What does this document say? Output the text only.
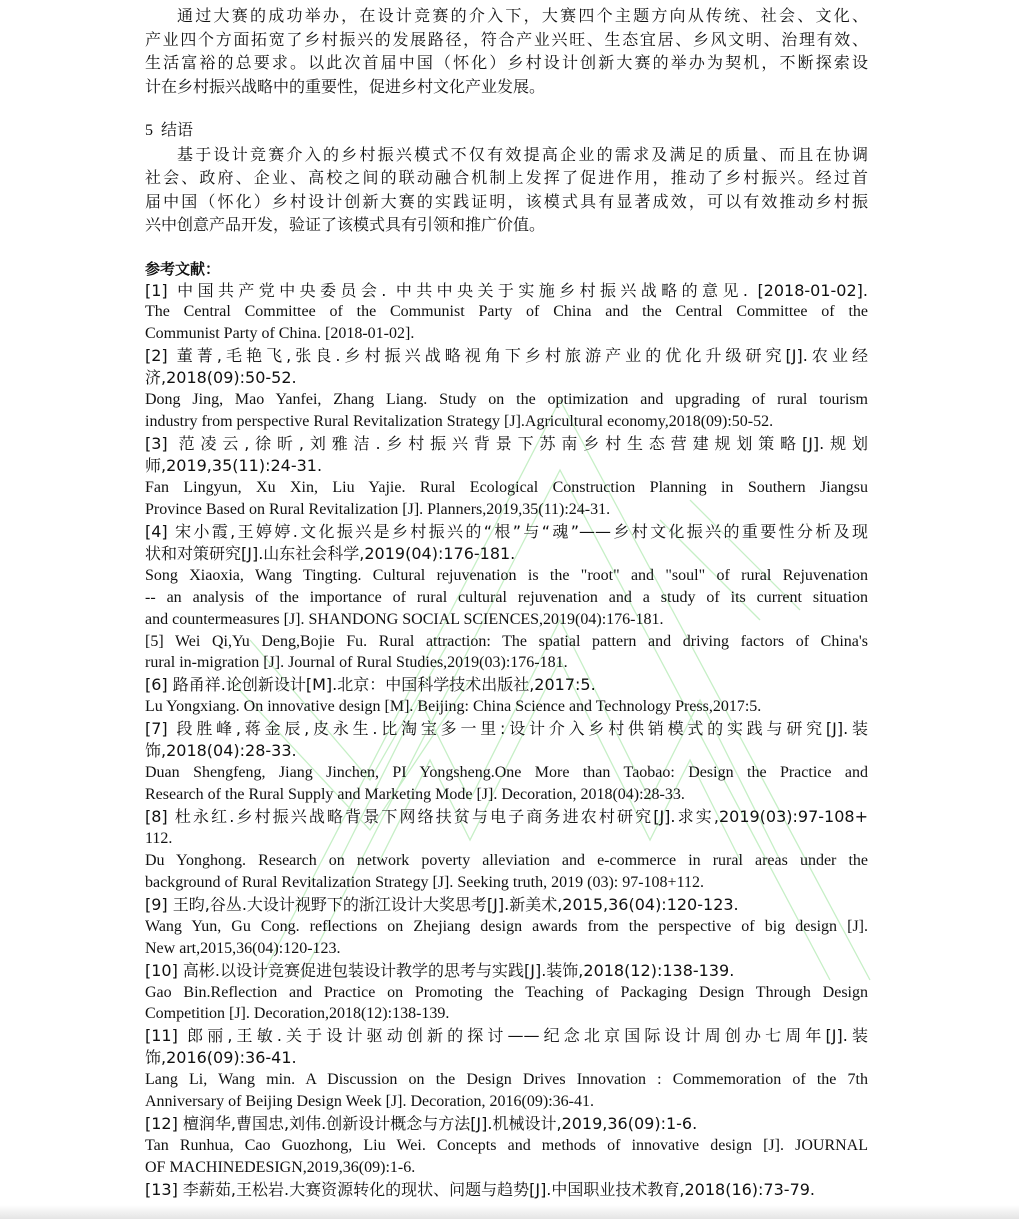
通过大赛的成功举办，在设计竞赛的介入下，大赛四个主题方向从传统、社会、文化、
产业四个方面拓宽了乡村振兴的发展路径，符合产业兴旺、生态宜居、乡风文明、治理有效、
生活富裕的总要求。以此次首届中国（怀化）乡村设计创新大赛的举办为契机，不断探索设
计在乡村振兴战略中的重要性，促进乡村文化产业发展。
5  结语
基于设计竞赛介入的乡村振兴模式不仅有效提高企业的需求及满足的质量、而且在协调
社会、政府、企业、高校之间的联动融合机制上发挥了促进作用，推动了乡村振兴。经过首
届中国（怀化）乡村设计创新大赛的实践证明，该模式具有显著成效，可以有效推动乡村振
兴中创意产品开发，验证了该模式具有引领和推广价值。
参考文献：
[1] 中国共产党中央委员会. 中共中央关于实施乡村振兴战略的意见. [2018-01-02].
The Central Committee of the Communist Party of China and the Central Committee of the
Communist Party of China. [2018-01-02].
[2] 董菁,毛艳飞,张良.乡村振兴战略视角下乡村旅游产业的优化升级研究[J].农业经
济,2018(09):50-52.
Dong Jing, Mao Yanfei, Zhang Liang. Study on the optimization and upgrading of rural tourism
industry from perspective Rural Revitalization Strategy [J].Agricultural economy,2018(09):50-52.
[3] 范凌云,徐昕,刘雅洁.乡村振兴背景下苏南乡村生态营建规划策略[J].规划
师,2019,35(11):24-31.
Fan Lingyun, Xu Xin, Liu Yajie. Rural Ecological Construction Planning in Southern Jiangsu
Province Based on Rural Revitalization [J]. Planners,2019,35(11):24-31.
[4] 宋小霞,王婷婷.文化振兴是乡村振兴的“根”与“魂”——乡村文化振兴的重要性分析及现
状和对策研究[J].山东社会科学,2019(04):176-181.
Song Xiaoxia, Wang Tingting. Cultural rejuvenation is the "root" and "soul" of rural Rejuvenation
-- an analysis of the importance of rural cultural rejuvenation and a study of its current situation
and countermeasures [J]. SHANDONG SOCIAL SCIENCES,2019(04):176-181.
[5] Wei Qi,Yu Deng,Bojie Fu. Rural attraction: The spatial pattern and driving factors of China's
rural in-migration [J]. Journal of Rural Studies,2019(03):176-181.
[6] 路甬祥.论创新设计[M].北京：中国科学技术出版社,2017:5.
Lu Yongxiang. On innovative design [M]. Beijing: China Science and Technology Press,2017:5.
[7] 段胜峰,蒋金辰,皮永生.比淘宝多一里:设计介入乡村供销模式的实践与研究[J].装
饰,2018(04):28-33.
Duan Shengfeng, Jiang Jinchen, PI Yongsheng.One More than Taobao: Design the Practice and
Research of the Rural Supply and Marketing Mode [J]. Decoration, 2018(04):28-33.
[8] 杜永红.乡村振兴战略背景下网络扶贫与电子商务进农村研究[J].求实,2019(03):97-108+
112.
Du Yonghong. Research on network poverty alleviation and e-commerce in rural areas under the
background of Rural Revitalization Strategy [J]. Seeking truth, 2019 (03): 97-108+112.
[9] 王昀,谷丛.大设计视野下的浙江设计大奖思考[J].新美术,2015,36(04):120-123.
Wang Yun, Gu Cong. reflections on Zhejiang design awards from the perspective of big design [J].
New art,2015,36(04):120-123.
[10] 高彬.以设计竞赛促进包装设计教学的思考与实践[J].装饰,2018(12):138-139.
Gao Bin.Reflection and Practice on Promoting the Teaching of Packaging Design Through Design
Competition [J]. Decoration,2018(12):138-139.
[11] 郎丽,王敏.关于设计驱动创新的探讨——纪念北京国际设计周创办七周年[J].装
饰,2016(09):36-41.
Lang Li, Wang min. A Discussion on the Design Drives Innovation : Commemoration of the 7th
Anniversary of Beijing Design Week [J]. Decoration, 2016(09):36-41.
[12] 檀润华,曹国忠,刘伟.创新设计概念与方法[J].机械设计,2019,36(09):1-6.
Tan Runhua, Cao Guozhong, Liu Wei. Concepts and methods of innovative design [J]. JOURNAL
OF MACHINEDESIGN,2019,36(09):1-6.
[13] 李薪茹,王松岩.大赛资源转化的现状、问题与趋势[J].中国职业技术教育,2018(16):73-79.
